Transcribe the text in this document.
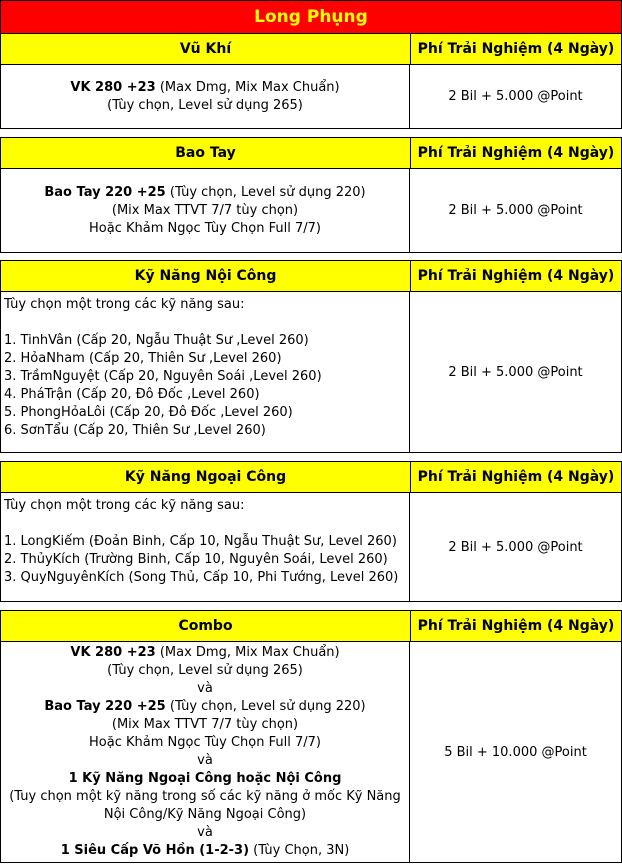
Long Phụng
Vũ Khí	Phí Trải Nghiệm (4 Ngày)
VK 280 +23 (Max Dmg, Mix Max Chuẩn)
(Tùy chọn, Level sử dụng 265)
2 Bil + 5.000 @Point
Bao Tay	Phí Trải Nghiệm (4 Ngày)
Bao Tay 220 +25 (Tùy chọn, Level sử dụng 220)
(Mix Max TTVT 7/7 tùy chọn)
Hoặc Khảm Ngọc Tùy Chọn Full 7/7)
2 Bil + 5.000 @Point
Kỹ Năng Nội Công	Phí Trải Nghiệm (4 Ngày)
Tùy chọn một trong các kỹ năng sau:
1. TinhVân (Cấp 20, Ngẫu Thuật Sư ,Level 260)
2. HỏaNham (Cấp 20, Thiên Sư ,Level 260)
3. TrầmNguyệt (Cấp 20, Nguyên Soái ,Level 260)
4. PháTrận (Cấp 20, Đô Đốc ,Level 260)
5. PhongHỏaLôi (Cấp 20, Đô Đốc ,Level 260)
6. SơnTẩu (Cấp 20, Thiên Sư ,Level 260)
2 Bil + 5.000 @Point
Kỹ Năng Ngoại Công	Phí Trải Nghiệm (4 Ngày)
Tùy chọn một trong các kỹ năng sau:
1. LongKiếm (Đoản Binh, Cấp 10, Ngẫu Thuật Sư, Level 260)
2. ThủyKích (Trường Binh, Cấp 10, Nguyên Soái, Level 260)
3. QuyNguyênKích (Song Thủ, Cấp 10, Phi Tướng, Level 260)
2 Bil + 5.000 @Point
Combo	Phí Trải Nghiệm (4 Ngày)
VK 280 +23 (Max Dmg, Mix Max Chuẩn)
(Tùy chọn, Level sử dụng 265)
và
Bao Tay 220 +25 (Tùy chọn, Level sử dụng 220)
(Mix Max TTVT 7/7 tùy chọn)
Hoặc Khảm Ngọc Tùy Chọn Full 7/7)
và
1 Kỹ Năng Ngoại Công hoặc Nội Công
(Tuy chọn một kỹ năng trong số các kỹ năng ở mốc Kỹ Năng
Nội Công/Kỹ Năng Ngoại Công)
và
1 Siêu Cấp Võ Hồn (1-2-3) (Tùy Chọn, 3N)
5 Bil + 10.000 @Point
